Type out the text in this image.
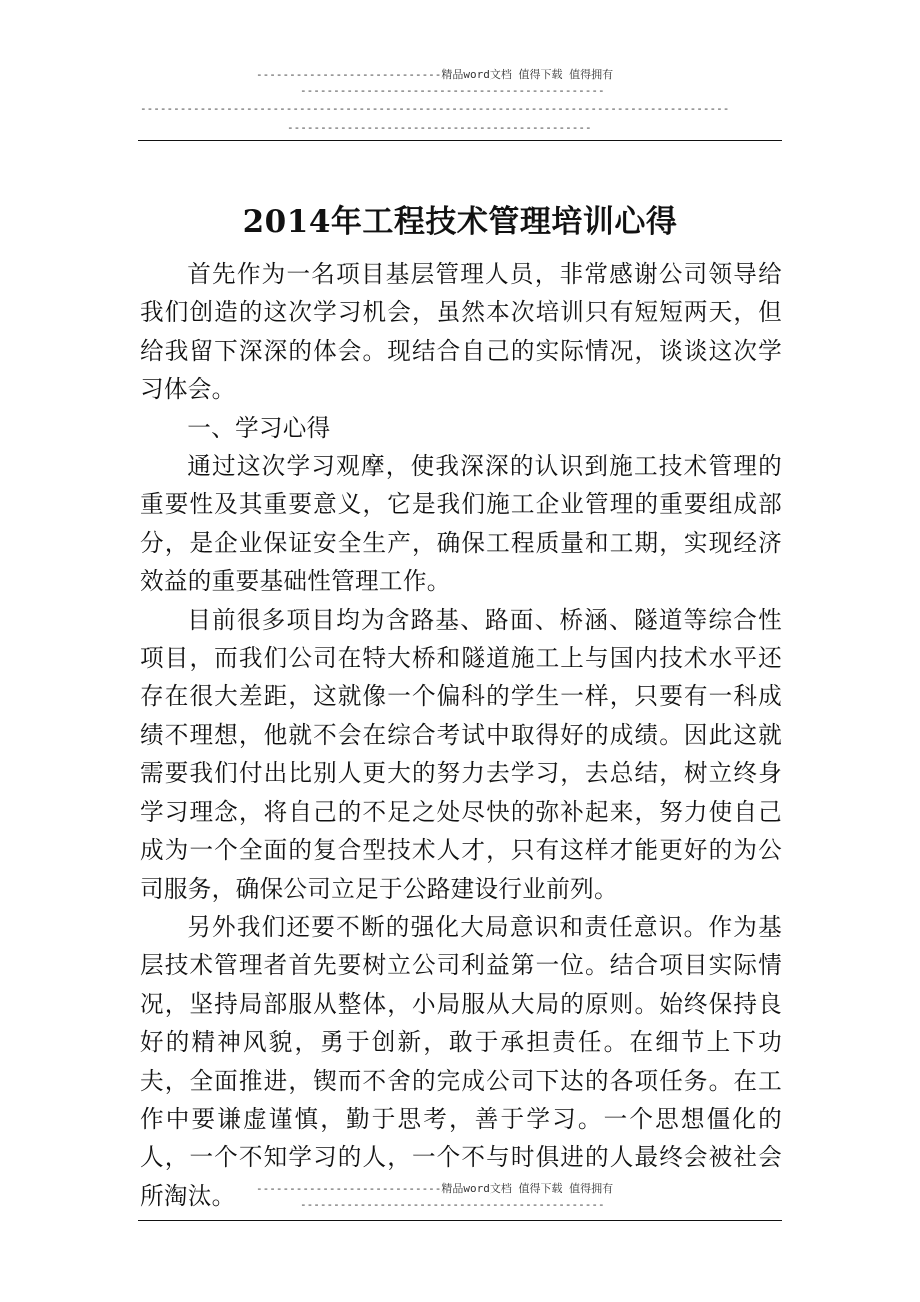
----------------------------精品word文档 值得下载 值得拥有
----------------------------------------------
-----------------------------------------------------------------------------------------
----------------------------------------------
2014年工程技术管理培训心得

首先作为一名项目基层管理人员，非常感谢公司领导给我们创造的这次学习机会，虽然本次培训只有短短两天，但给我留下深深的体会。现结合自己的实际情况，谈谈这次学习体会。

一、学习心得

通过这次学习观摩，使我深深的认识到施工技术管理的重要性及其重要意义，它是我们施工企业管理的重要组成部分，是企业保证安全生产，确保工程质量和工期，实现经济效益的重要基础性管理工作。

目前很多项目均为含路基、路面、桥涵、隧道等综合性项目，而我们公司在特大桥和隧道施工上与国内技术水平还存在很大差距，这就像一个偏科的学生一样，只要有一科成绩不理想，他就不会在综合考试中取得好的成绩。因此这就需要我们付出比别人更大的努力去学习，去总结，树立终身学习理念，将自己的不足之处尽快的弥补起来，努力使自己成为一个全面的复合型技术人才，只有这样才能更好的为公司服务，确保公司立足于公路建设行业前列。

另外我们还要不断的强化大局意识和责任意识。作为基层技术管理者首先要树立公司利益第一位。结合项目实际情况，坚持局部服从整体，小局服从大局的原则。始终保持良好的精神风貌，勇于创新，敢于承担责任。在细节上下功夫，全面推进，锲而不舍的完成公司下达的各项任务。在工作中要谦虚谨慎，勤于思考，善于学习。一个思想僵化的人，一个不知学习的人，一个不与时俱进的人最终会被社会所淘汰。	----------------------------精品word文档 值得下载 值得拥有
----------------------------------------------
